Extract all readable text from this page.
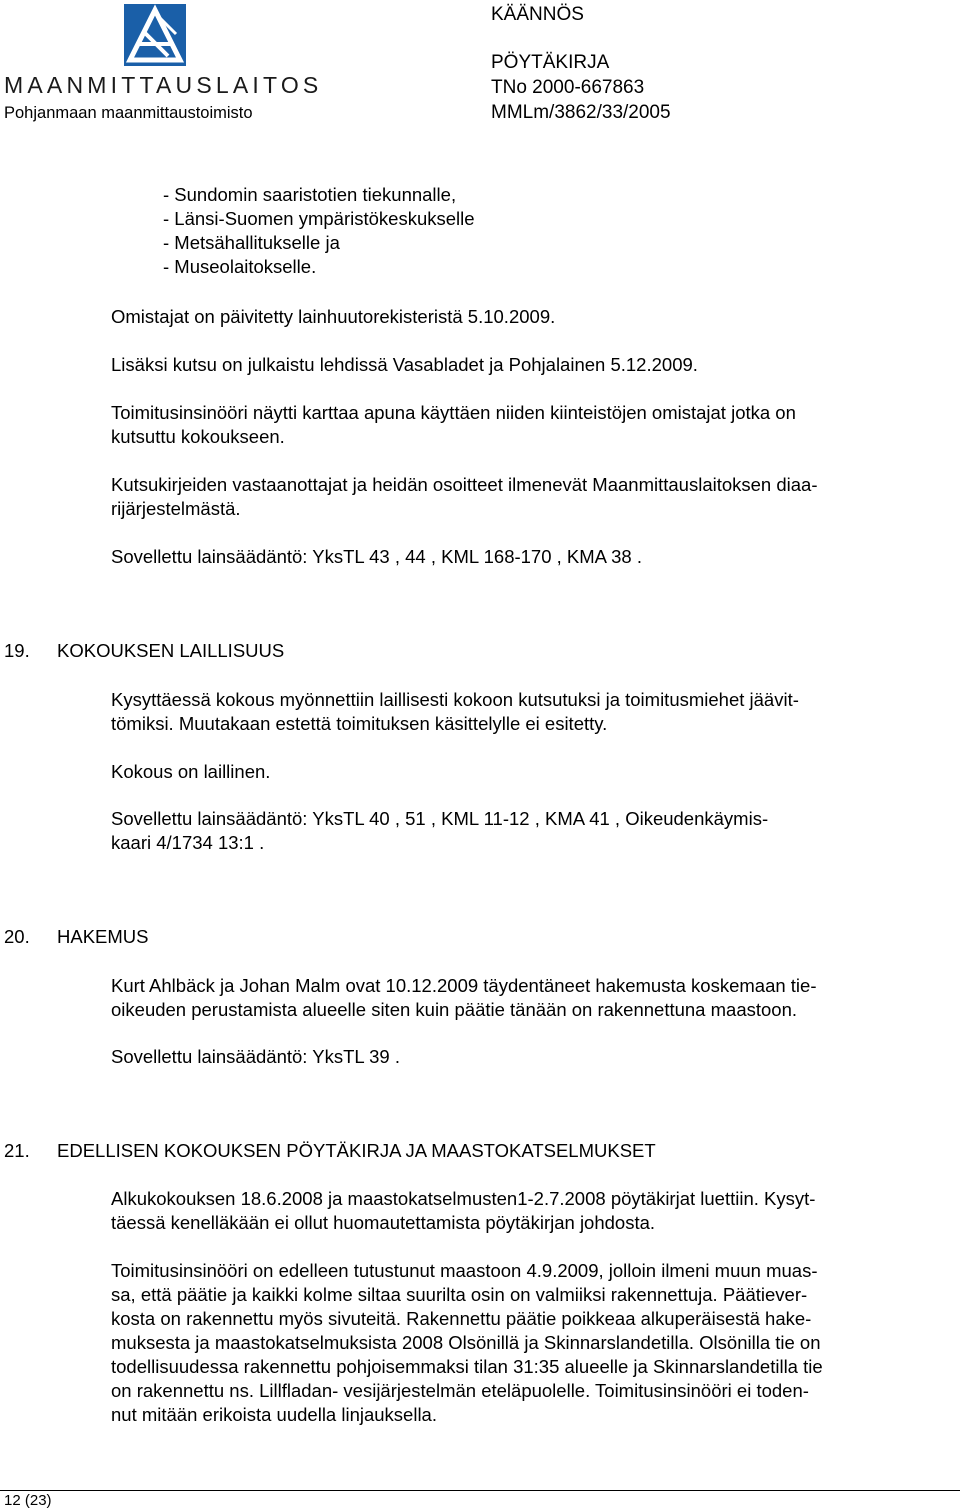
MAANMITTAUSLAITOS
Pohjanmaan maanmittaustoimisto
KÄÄNNÖS
PÖYTÄKIRJA
TNo 2000-667863
MMLm/3862/33/2005
- Sundomin saaristotien tiekunnalle,
- Länsi-Suomen ympäristökeskukselle
- Metsähallitukselle ja
- Museolaitokselle.
Omistajat on päivitetty lainhuutorekisteristä 5.10.2009.
Lisäksi kutsu on julkaistu lehdissä Vasabladet ja Pohjalainen 5.12.2009.
Toimitusinsinööri näytti karttaa apuna käyttäen niiden kiinteistöjen omistajat jotka on
kutsuttu kokoukseen.
Kutsukirjeiden vastaanottajat ja heidän osoitteet ilmenevät Maanmittauslaitoksen diaa-
rijärjestelmästä.
Sovellettu lainsäädäntö: YksTL 43 , 44 , KML 168-170 , KMA 38 .
19. KOKOUKSEN LAILLISUUS
Kysyttäessä kokous myönnettiin laillisesti kokoon kutsutuksi ja toimitusmiehet jäävit-
tömiksi. Muutakaan estettä toimituksen käsittelylle ei esitetty.
Kokous on laillinen.
Sovellettu lainsäädäntö: YksTL 40 , 51 , KML 11-12 , KMA 41 , Oikeudenkäymis-
kaari 4/1734 13:1 .
20. HAKEMUS
Kurt Ahlbäck ja Johan Malm ovat 10.12.2009 täydentäneet hakemusta koskemaan tie-
oikeuden perustamista alueelle siten kuin päätie tänään on rakennettuna maastoon.
Sovellettu lainsäädäntö: YksTL 39 .
21. EDELLISEN KOKOUKSEN PÖYTÄKIRJA JA MAASTOKATSELMUKSET
Alkukokouksen 18.6.2008 ja maastokatselmusten1-2.7.2008 pöytäkirjat luettiin. Kysyt-
täessä kenelläkään ei ollut huomautettamista pöytäkirjan johdosta.
Toimitusinsinööri on edelleen tutustunut maastoon 4.9.2009, jolloin ilmeni muun muas-
sa, että päätie ja kaikki kolme siltaa suurilta osin on valmiiksi rakennettuja. Päätiever-
kosta on rakennettu myös sivuteitä. Rakennettu päätie poikkeaa alkuperäisestä hake-
muksesta ja maastokatselmuksista 2008 Olsönillä ja Skinnarslandetilla. Olsönilla tie on
todellisuudessa rakennettu pohjoisemmaksi tilan 31:35 alueelle ja Skinnarslandetilla tie
on rakennettu ns. Lillfladan- vesijärjestelmän eteläpuolelle. Toimitusinsinööri ei toden-
nut mitään erikoista uudella linjauksella.
12 (23)
